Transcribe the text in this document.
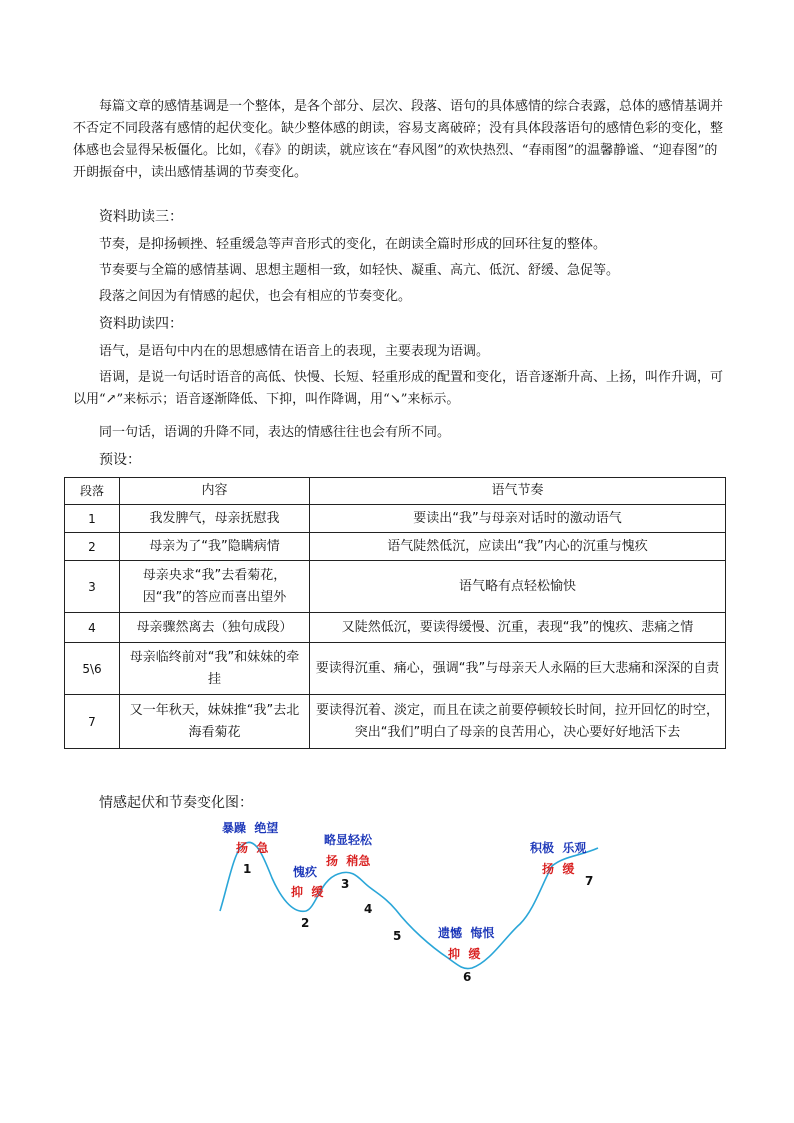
每篇文章的感情基调是一个整体，是各个部分、层次、段落、语句的具体感情的综合表露，总体的感情基调并不否定不同段落有感情的起伏变化。缺少整体感的朗读，容易支离破碎；没有具体段落语句的感情色彩的变化，整体感也会显得呆板僵化。比如，《春》的朗读，就应该在“春风图”的欢快热烈、“春雨图”的温馨静谧、“迎春图”的开朗振奋中，读出感情基调的节奏变化。
资料助读三：
节奏，是抑扬顿挫、轻重缓急等声音形式的变化，在朗读全篇时形成的回环往复的整体。
节奏要与全篇的感情基调、思想主题相一致，如轻快、凝重、高亢、低沉、舒缓、急促等。
段落之间因为有情感的起伏，也会有相应的节奏变化。
资料助读四：
语气，是语句中内在的思想感情在语音上的表现，主要表现为语调。
语调，是说一句话时语音的高低、快慢、长短、轻重形成的配置和变化，语音逐渐升高、上扬，叫作升调，可以用“↗”来标示；语音逐渐降低、下抑，叫作降调，用“↘”来标示。
同一句话，语调的升降不同，表达的情感往往也会有所不同。
预设：
段落	内容	语气节奏
1	我发脾气，母亲抚慰我	要读出“我”与母亲对话时的激动语气
2	母亲为了“我”隐瞒病情	语气陡然低沉，应读出“我”内心的沉重与愧疚
3	母亲央求“我”去看菊花，因“我”的答应而喜出望外	语气略有点轻松愉快
4	母亲骤然离去（独句成段）	又陡然低沉，要读得缓慢、沉重，表现“我”的愧疚、悲痛之情
5\6	母亲临终前对“我”和妹妹的牵挂	要读得沉重、痛心，强调“我”与母亲天人永隔的巨大悲痛和深深的自责
7	又一年秋天，妹妹推“我”去北海看菊花	要读得沉着、淡定，而且在读之前要停顿较长时间，拉开回忆的时空，突出“我们”明白了母亲的良苦用心，决心要好好地活下去
情感起伏和节奏变化图：
暴躁  绝望
扬  急
1	愧疚
抑  缓
2
略显轻松
扬  稍急
3
4
5	遗憾  悔恨
抑  缓
6
积极  乐观
扬  缓
7
